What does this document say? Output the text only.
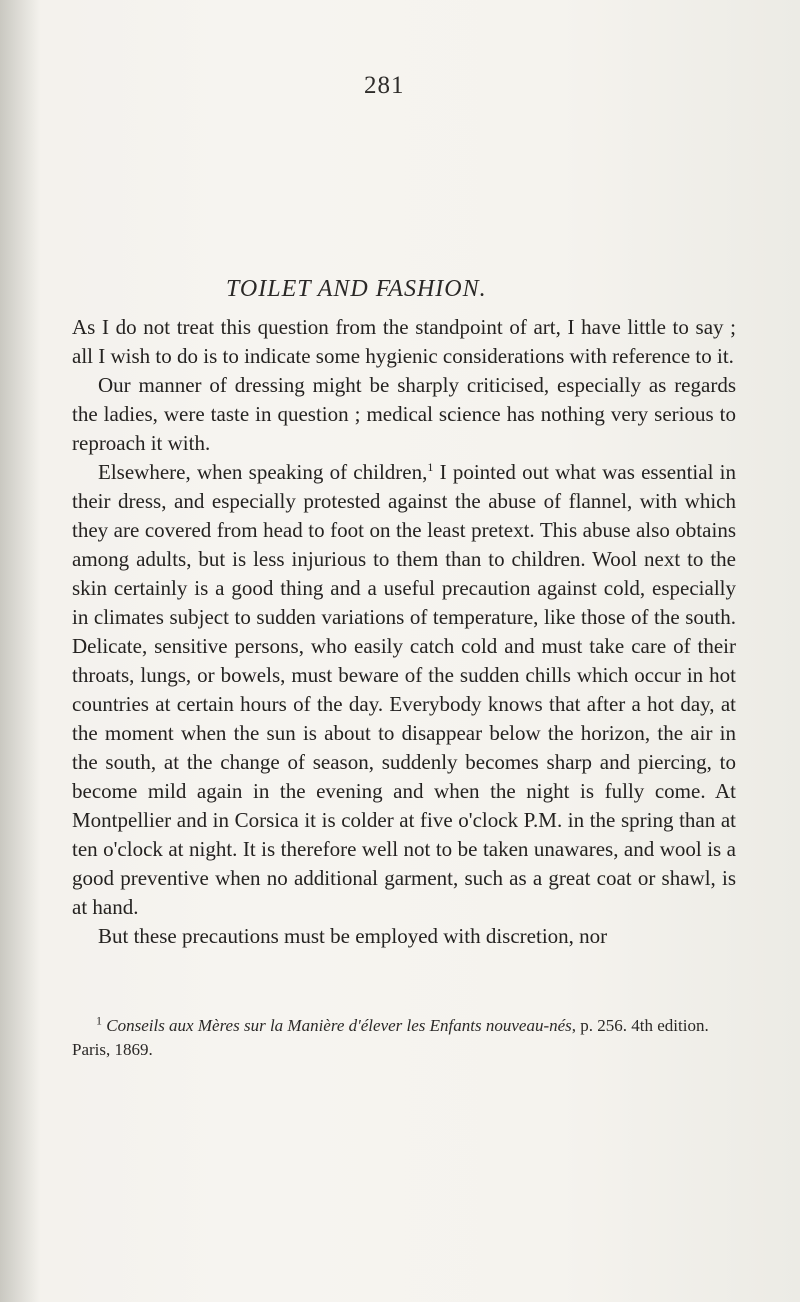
281
TOILET AND FASHION.

As I do not treat this question from the standpoint of art, I have little to say ; all I wish to do is to indicate some hygienic considerations with reference to it.

Our manner of dressing might be sharply criticised, especially as regards the ladies, were taste in question ; medical science has nothing very serious to reproach it with.

Elsewhere, when speaking of children,$^1$ I pointed out what was essential in their dress, and especially protested against the abuse of flannel, with which they are covered from head to foot on the least pretext. This abuse also obtains among adults, but is less injurious to them than to children. Wool next to the skin certainly is a good thing and a useful precaution against cold, especially in climates subject to sudden variations of temperature, like those of the south. Delicate, sensitive persons, who easily catch cold and must take care of their throats, lungs, or bowels, must beware of the sudden chills which occur in hot countries at certain hours of the day. Everybody knows that after a hot day, at the moment when the sun is about to disappear below the horizon, the air in the south, at the change of season, suddenly becomes sharp and piercing, to become mild again in the evening and when the night is fully come. At Montpellier and in Corsica it is colder at five o'clock P.M. in the spring than at ten o'clock at night. It is therefore well not to be taken unawares, and wool is a good preventive when no additional garment, such as a great coat or shawl, is at hand.

But these precautions must be employed with discretion, nor

$^1$ Conseils aux Mères sur la Manière d'élever les Enfants nouveau-nés, p. 256. 4th edition. Paris, 1869.
